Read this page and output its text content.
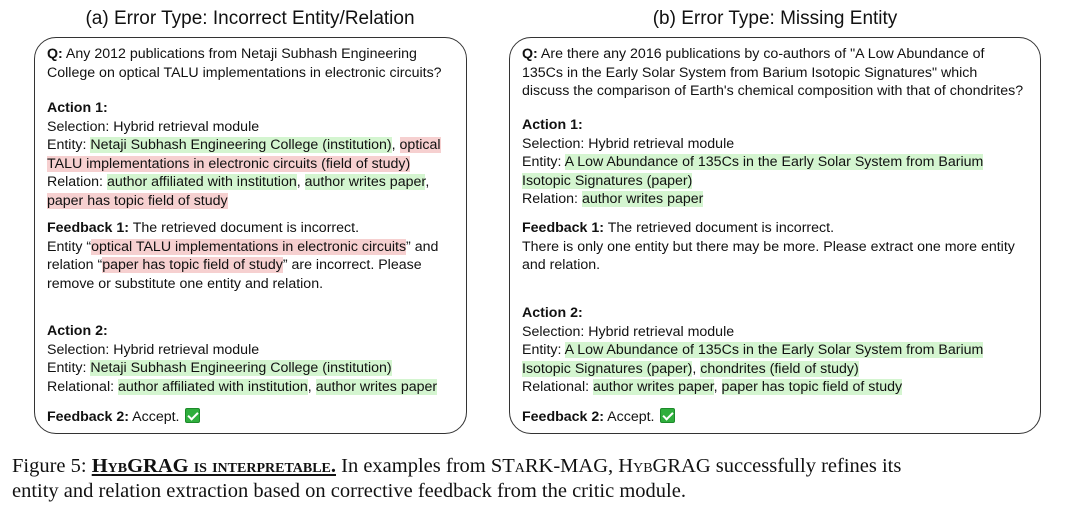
(a) Error Type: Incorrect Entity/Relation	(b) Error Type: Missing Entity
Q: Any 2012 publications from Netaji Subhash Engineering
College on optical TALU implementations in electronic circuits?
Action 1:
Selection: Hybrid retrieval module
Entity: Netaji Subhash Engineering College (institution), optical
TALU implementations in electronic circuits (field of study)
Relation: author affiliated with institution, author writes paper,
paper has topic field of study
Feedback 1: The retrieved document is incorrect.
Entity “optical TALU implementations in electronic circuits” and
relation “paper has topic field of study” are incorrect. Please
remove or substitute one entity and relation.
Action 2:
Selection: Hybrid retrieval module
Entity: Netaji Subhash Engineering College (institution)
Relational: author affiliated with institution, author writes paper
Feedback 2: Accept.
Q: Are there any 2016 publications by co-authors of "A Low Abundance of
135Cs in the Early Solar System from Barium Isotopic Signatures" which
discuss the comparison of Earth's chemical composition with that of chondrites?
Action 1:
Selection: Hybrid retrieval module
Entity: A Low Abundance of 135Cs in the Early Solar System from Barium
Isotopic Signatures (paper)
Relation: author writes paper
Feedback 1: The retrieved document is incorrect.
There is only one entity but there may be more. Please extract one more entity
and relation.
Action 2:
Selection: Hybrid retrieval module
Entity: A Low Abundance of 135Cs in the Early Solar System from Barium
Isotopic Signatures (paper), chondrites (field of study)
Relational: author writes paper, paper has topic field of study
Feedback 2: Accept.
Figure 5: HybGRAG is interpretable. In examples from STaRK-MAG, HybGRAG successfully refines its
entity and relation extraction based on corrective feedback from the critic module.
